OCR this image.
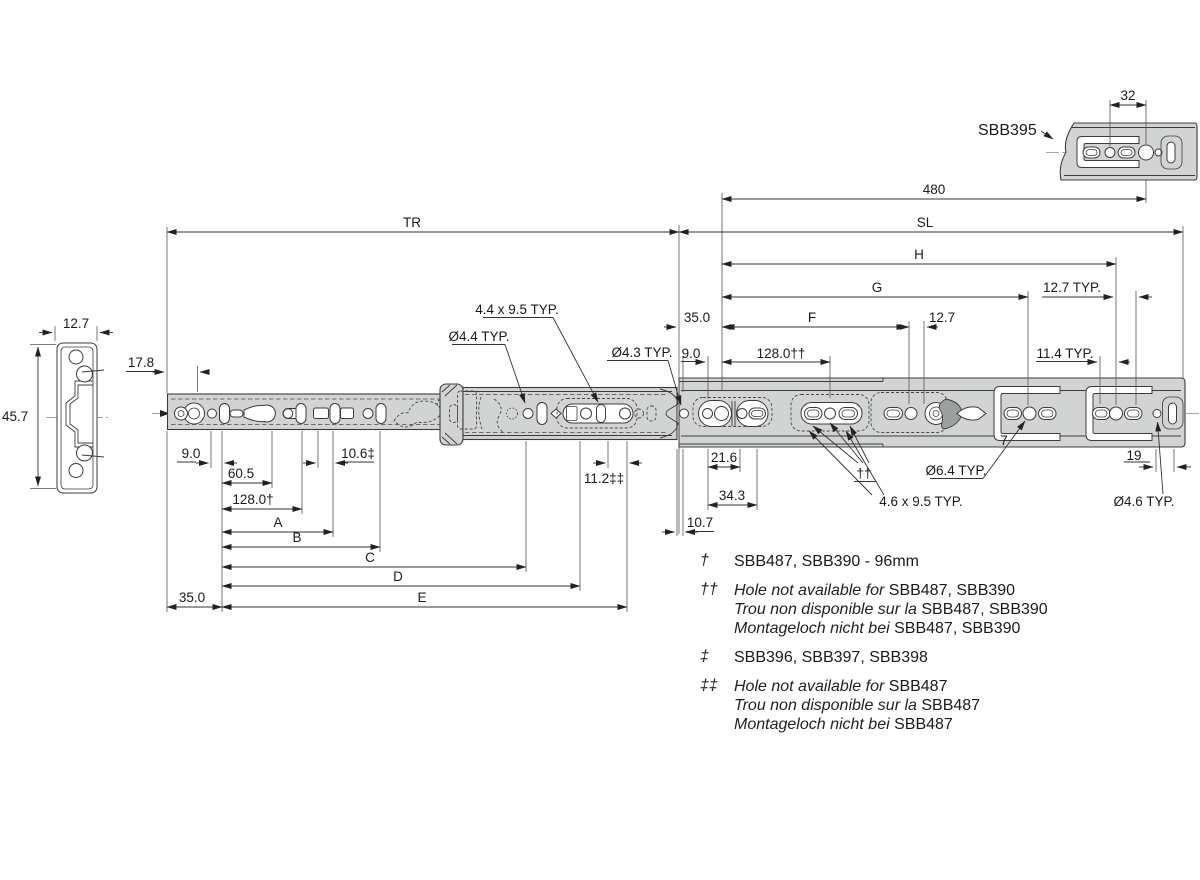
12.7
45.7
17.8
480
TR	SL
H
G	12.7 TYP.
35.0	F	12.7
9.0	128.0††	11.4 TYP.
4.4 x 9.5 TYP.
Ø4.4 TYP.
Ø4.3 TYP.
Ø6.4 TYP.
Ø4.6 TYP.
4.6 x 9.5 TYP.
††
7
9.0	10.6‡
11.2‡‡
21.6	19
60.5
34.3
128.0†
A	10.7
B
C
D
35.0	E
SBB395
32
†	SBB487, SBB390 - 96mm
††	Hole not available for SBB487, SBB390
Trou non disponible sur la SBB487, SBB390
Montageloch nicht bei SBB487, SBB390
‡	SBB396, SBB397, SBB398
‡‡	Hole not available for SBB487
Trou non disponible sur la SBB487
Montageloch nicht bei SBB487
